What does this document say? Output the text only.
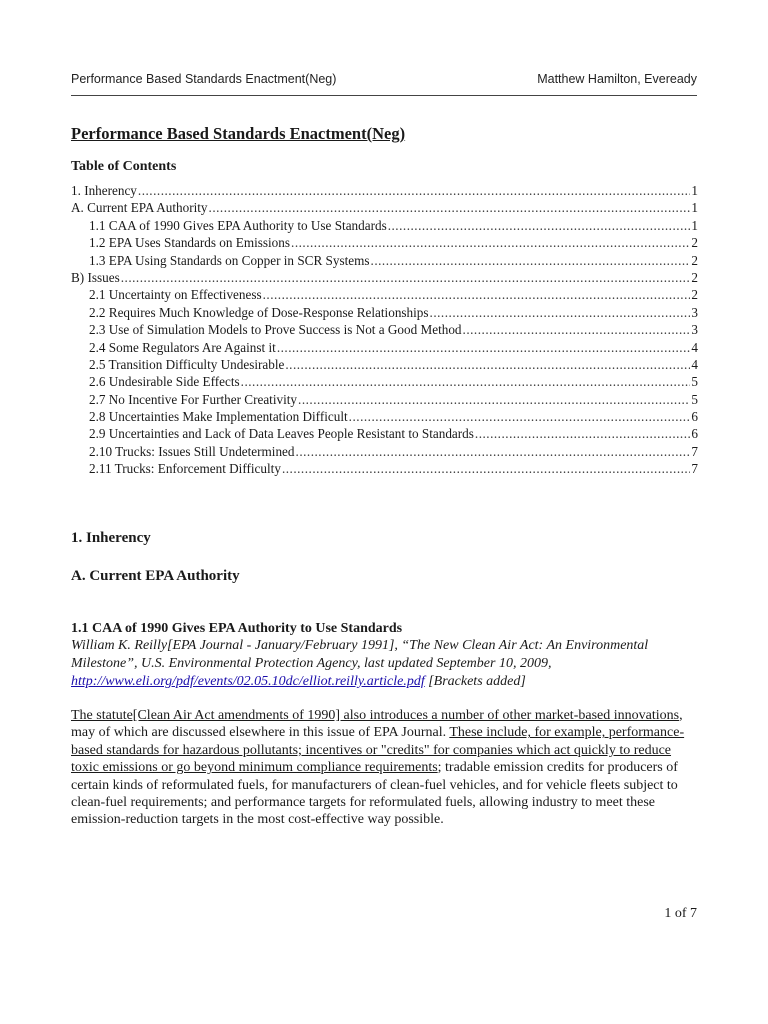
Performance Based Standards Enactment(Neg)	Matthew Hamilton, Eveready
Performance Based Standards Enactment(Neg)
Table of Contents
1. Inherency .....	1
A. Current EPA Authority .....	1
1.1 CAA of 1990 Gives EPA Authority to Use Standards .....	1
1.2 EPA Uses Standards on Emissions .....	2
1.3 EPA Using Standards on Copper in SCR Systems .....	2
B) Issues .....	2
2.1 Uncertainty on Effectiveness .....	2
2.2 Requires Much Knowledge of Dose-Response Relationships .....	3
2.3 Use of Simulation Models to Prove Success is Not a Good Method .....	3
2.4 Some Regulators Are Against it .....	4
2.5 Transition Difficulty Undesirable .....	4
2.6 Undesirable Side Effects .....	5
2.7 No Incentive For Further Creativity .....	5
2.8 Uncertainties Make Implementation Difficult .....	6
2.9 Uncertainties and Lack of Data Leaves People Resistant to Standards .....	6
2.10 Trucks: Issues Still Undetermined .....	7
2.11 Trucks: Enforcement Difficulty .....	7
1. Inherency
A. Current EPA Authority
1.1 CAA of 1990 Gives EPA Authority to Use Standards
William K. Reilly[EPA Journal - January/February 1991], “The New Clean Air Act: An Environmental Milestone”, U.S. Environmental Protection Agency, last updated September 10, 2009, http://www.eli.org/pdf/events/02.05.10dc/elliot.reilly.article.pdf [Brackets added]
The statute[Clean Air Act amendments of 1990] also introduces a number of other market-based innovations, may of which are discussed elsewhere in this issue of EPA Journal. These include, for example, performance-based standards for hazardous pollutants; incentives or "credits" for companies which act quickly to reduce toxic emissions or go beyond minimum compliance requirements; tradable emission credits for producers of certain kinds of reformulated fuels, for manufacturers of clean-fuel vehicles, and for vehicle fleets subject to clean-fuel requirements; and performance targets for reformulated fuels, allowing industry to meet these emission-reduction targets in the most cost-effective way possible.
1 of 7
